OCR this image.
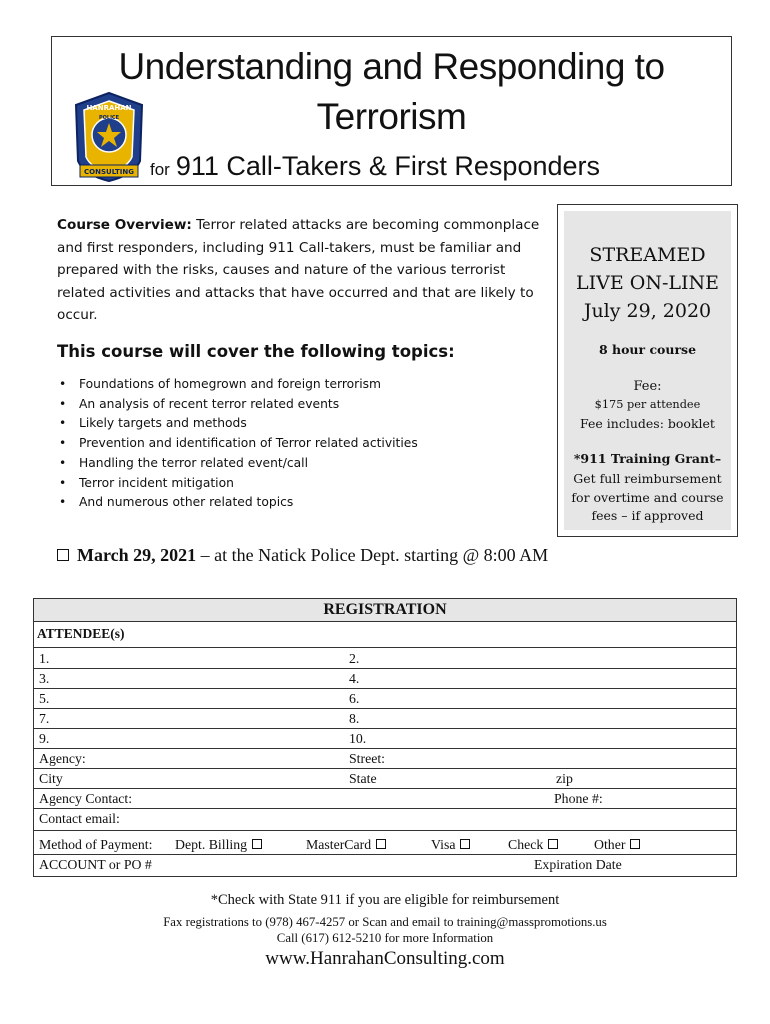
Understanding and Responding to
Terrorism
for 911 Call-Takers & First Responders
CONSULTING
HANRAHAN
POLICE
Course Overview: Terror related attacks are becoming commonplace and first responders, including 911 Call-takers, must be familiar and prepared with the risks, causes and nature of the various terrorist related activities and attacks that have occurred and that are likely to occur.
This course will cover the following topics:
• Foundations of homegrown and foreign terrorism
• An analysis of recent terror related events
• Likely targets and methods
• Prevention and identification of Terror related activities
• Handling the terror related event/call
• Terror incident mitigation
• And numerous other related topics
STREAMED
LIVE ON-LINE
July 29, 2020
8 hour course
Fee:
$175 per attendee
Fee includes: booklet
*911 Training Grant–
Get full reimbursement
for overtime and course
fees – if approved
March 29, 2021 – at the Natick Police Dept. starting @ 8:00 AM
REGISTRATION
ATTENDEE(s)
1.	2.
3.	4.
5.	6.
7.	8.
9.	10.
Agency:	Street:
City	State	zip
Agency Contact:	Phone #:
Contact email:
Method of Payment: Dept. Billing	MasterCard	Visa	Check	Other
ACCOUNT or PO #	Expiration Date
*Check with State 911 if you are eligible for reimbursement
Fax registrations to (978) 467-4257 or Scan and email to training@masspromotions.us
Call (617) 612-5210 for more Information
www.HanrahanConsulting.com
